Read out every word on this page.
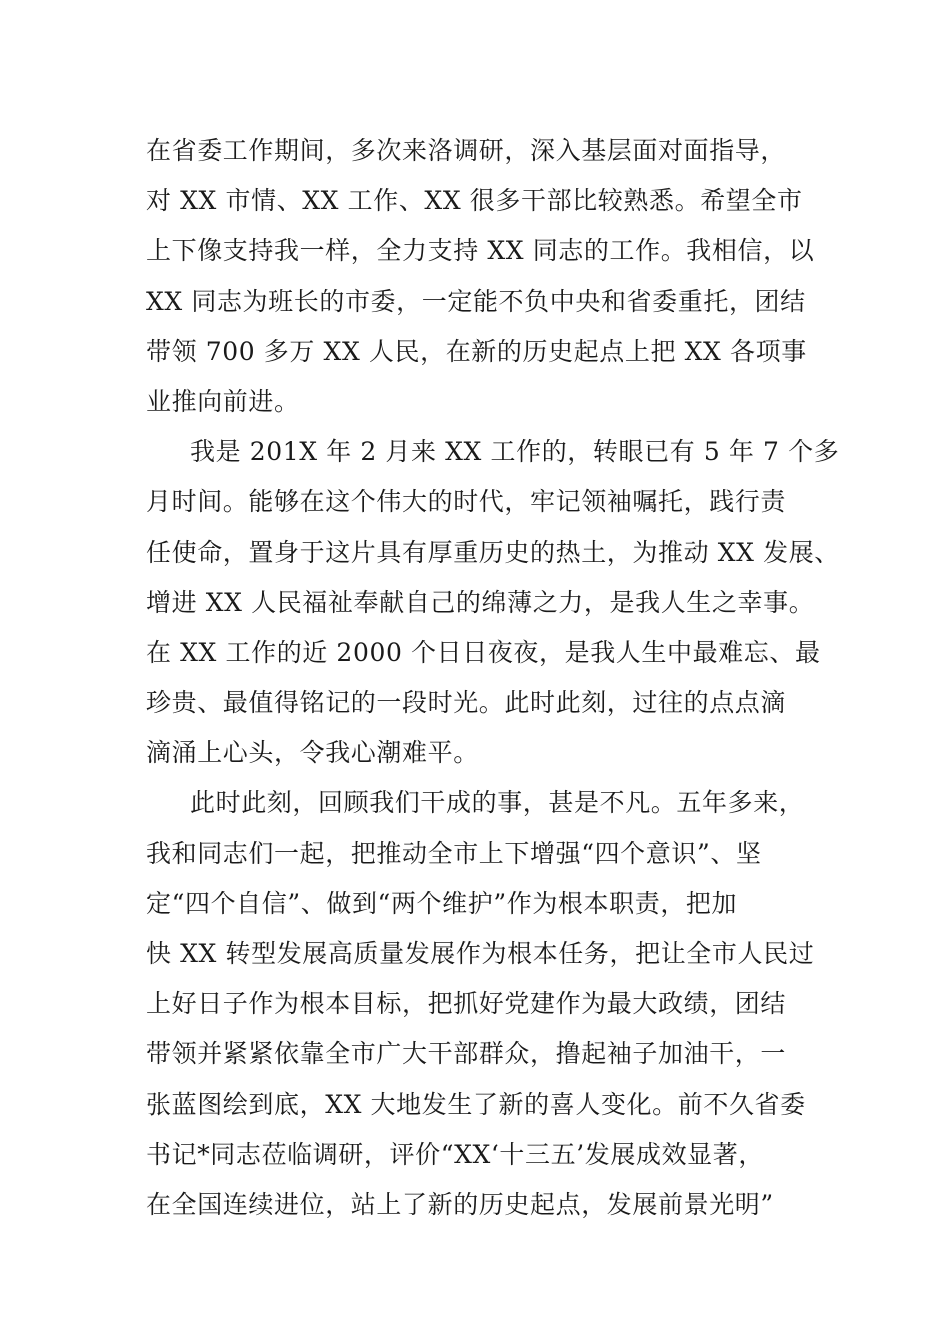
在省委工作期间，多次来洛调研，深入基层面对面指导，
对 XX 市情、XX 工作、XX 很多干部比较熟悉。希望全市
上下像支持我一样，全力支持 XX 同志的工作。我相信，以
XX 同志为班长的市委，一定能不负中央和省委重托，团结
带领 700 多万 XX 人民，在新的历史起点上把 XX 各项事
业推向前进。
我是 201X 年 2 月来 XX 工作的，转眼已有 5 年 7 个多
月时间。能够在这个伟大的时代，牢记领袖嘱托，践行责
任使命，置身于这片具有厚重历史的热土，为推动 XX 发展、
增进 XX 人民福祉奉献自己的绵薄之力，是我人生之幸事。
在 XX 工作的近 2000 个日日夜夜，是我人生中最难忘、最
珍贵、最值得铭记的一段时光。此时此刻，过往的点点滴
滴涌上心头，令我心潮难平。
此时此刻，回顾我们干成的事，甚是不凡。五年多来，
我和同志们一起，把推动全市上下增强“四个意识”、坚
定“四个自信”、做到“两个维护”作为根本职责，把加
快 XX 转型发展高质量发展作为根本任务，把让全市人民过
上好日子作为根本目标，把抓好党建作为最大政绩，团结
带领并紧紧依靠全市广大干部群众，撸起袖子加油干，一
张蓝图绘到底，XX 大地发生了新的喜人变化。前不久省委
书记*同志莅临调研，评价“XX‘十三五’发展成效显著，
在全国连续进位，站上了新的历史起点，发展前景光明”
